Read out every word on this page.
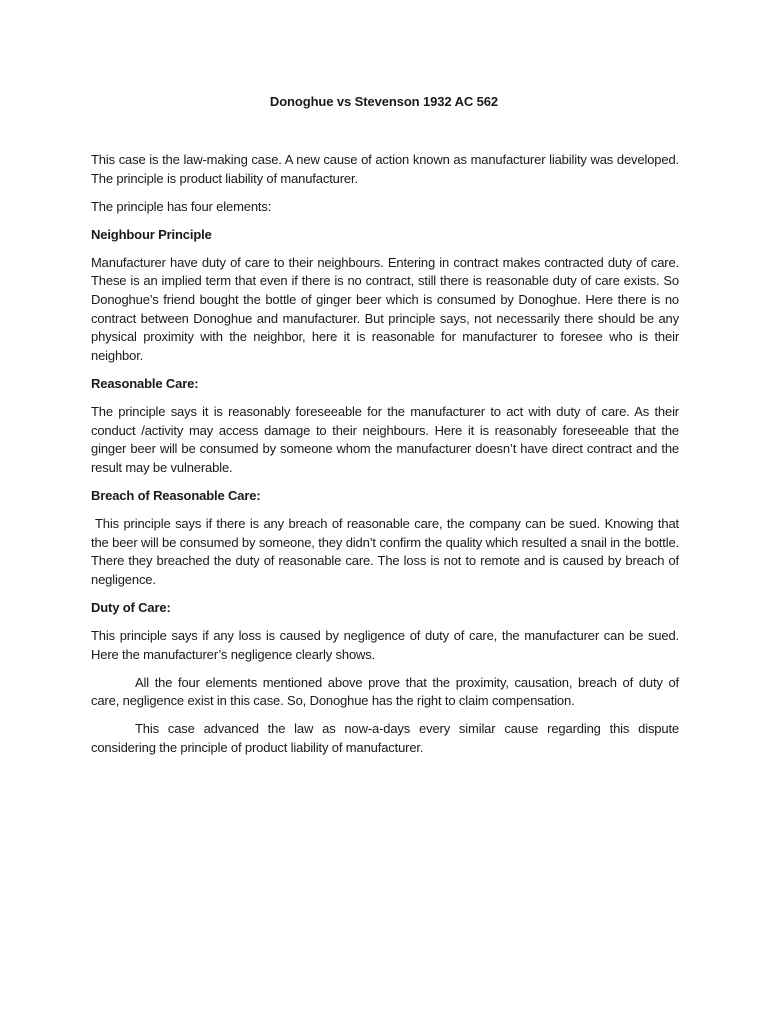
Donoghue vs Stevenson 1932 AC 562

This case is the law-making case. A new cause of action known as manufacturer liability was developed. The principle is product liability of manufacturer.

The principle has four elements:

Neighbour Principle

Manufacturer have duty of care to their neighbours. Entering in contract makes contracted duty of care. These is an implied term that even if there is no contract, still there is reasonable duty of care exists. So Donoghue’s friend bought the bottle of ginger beer which is consumed by Donoghue. Here there is no contract between Donoghue and manufacturer. But principle says, not necessarily there should be any physical proximity with the neighbor, here it is reasonable for manufacturer to foresee who is their neighbor.

Reasonable Care:

The principle says it is reasonably foreseeable for the manufacturer to act with duty of care. As their conduct /activity may access damage to their neighbours. Here it is reasonably foreseeable that the ginger beer will be consumed by someone whom the manufacturer doesn’t have direct contract and the result may be vulnerable.

Breach of Reasonable Care:

This principle says if there is any breach of reasonable care, the company can be sued. Knowing that the beer will be consumed by someone, they didn’t confirm the quality which resulted a snail in the bottle. There they breached the duty of reasonable care. The loss is not to remote and is caused by breach of negligence.

Duty of Care:

This principle says if any loss is caused by negligence of duty of care, the manufacturer can be sued. Here the manufacturer’s negligence clearly shows.

All the four elements mentioned above prove that the proximity, causation, breach of duty of care, negligence exist in this case. So, Donoghue has the right to claim compensation.

This case advanced the law as now-a-days every similar cause regarding this dispute considering the principle of product liability of manufacturer.
